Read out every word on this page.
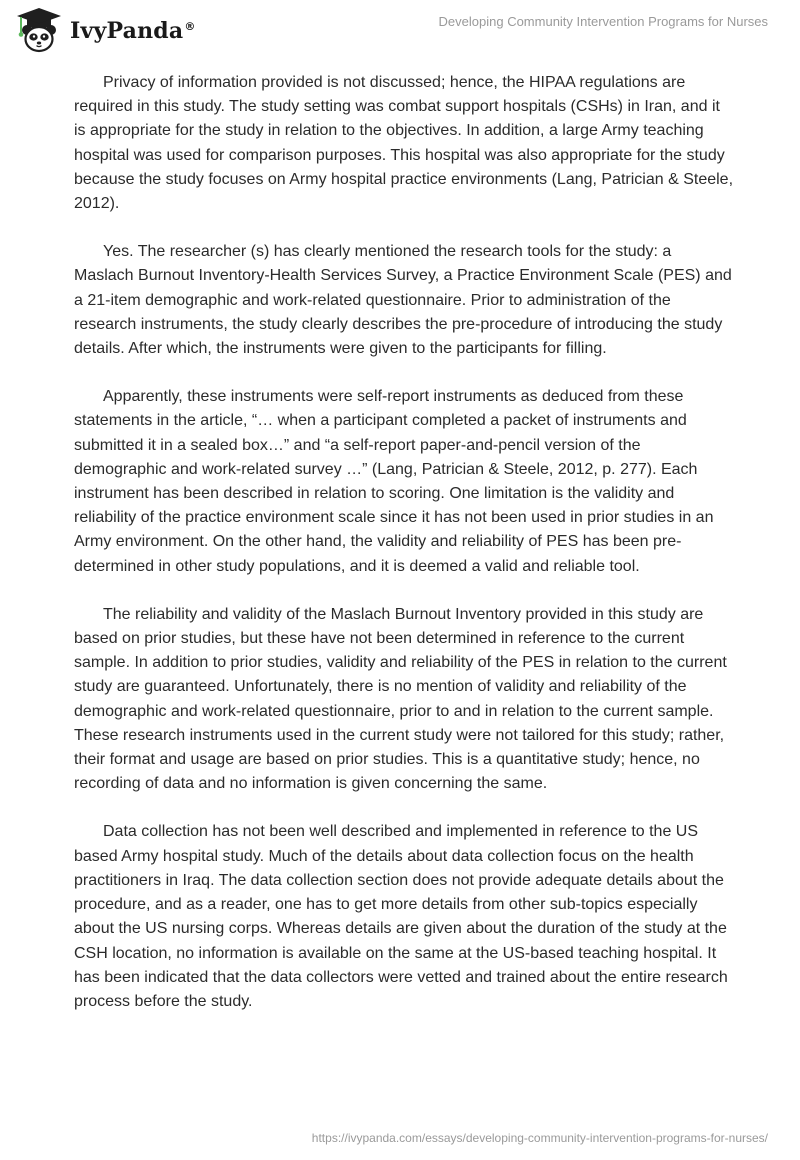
IvyPanda®	Developing Community Intervention Programs for Nurses

Privacy of information provided is not discussed; hence, the HIPAA regulations are required in this study. The study setting was combat support hospitals (CSHs) in Iran, and it is appropriate for the study in relation to the objectives. In addition, a large Army teaching hospital was used for comparison purposes. This hospital was also appropriate for the study because the study focuses on Army hospital practice environments (Lang, Patrician & Steele, 2012).

Yes. The researcher (s) has clearly mentioned the research tools for the study: a Maslach Burnout Inventory-Health Services Survey, a Practice Environment Scale (PES) and a 21-item demographic and work-related questionnaire. Prior to administration of the research instruments, the study clearly describes the pre-procedure of introducing the study details. After which, the instruments were given to the participants for filling.

Apparently, these instruments were self-report instruments as deduced from these statements in the article, “… when a participant completed a packet of instruments and submitted it in a sealed box…” and “a self-report paper-and-pencil version of the demographic and work-related survey …” (Lang, Patrician & Steele, 2012, p. 277). Each instrument has been described in relation to scoring. One limitation is the validity and reliability of the practice environment scale since it has not been used in prior studies in an Army environment. On the other hand, the validity and reliability of PES has been pre-determined in other study populations, and it is deemed a valid and reliable tool.

The reliability and validity of the Maslach Burnout Inventory provided in this study are based on prior studies, but these have not been determined in reference to the current sample. In addition to prior studies, validity and reliability of the PES in relation to the current study are guaranteed. Unfortunately, there is no mention of validity and reliability of the demographic and work-related questionnaire, prior to and in relation to the current sample. These research instruments used in the current study were not tailored for this study; rather, their format and usage are based on prior studies. This is a quantitative study; hence, no recording of data and no information is given concerning the same.

Data collection has not been well described and implemented in reference to the US based Army hospital study. Much of the details about data collection focus on the health practitioners in Iraq. The data collection section does not provide adequate details about the procedure, and as a reader, one has to get more details from other sub-topics especially about the US nursing corps. Whereas details are given about the duration of the study at the CSH location, no information is available on the same at the US-based teaching hospital. It has been indicated that the data collectors were vetted and trained about the entire research process before the study.

https://ivypanda.com/essays/developing-community-intervention-programs-for-nurses/
